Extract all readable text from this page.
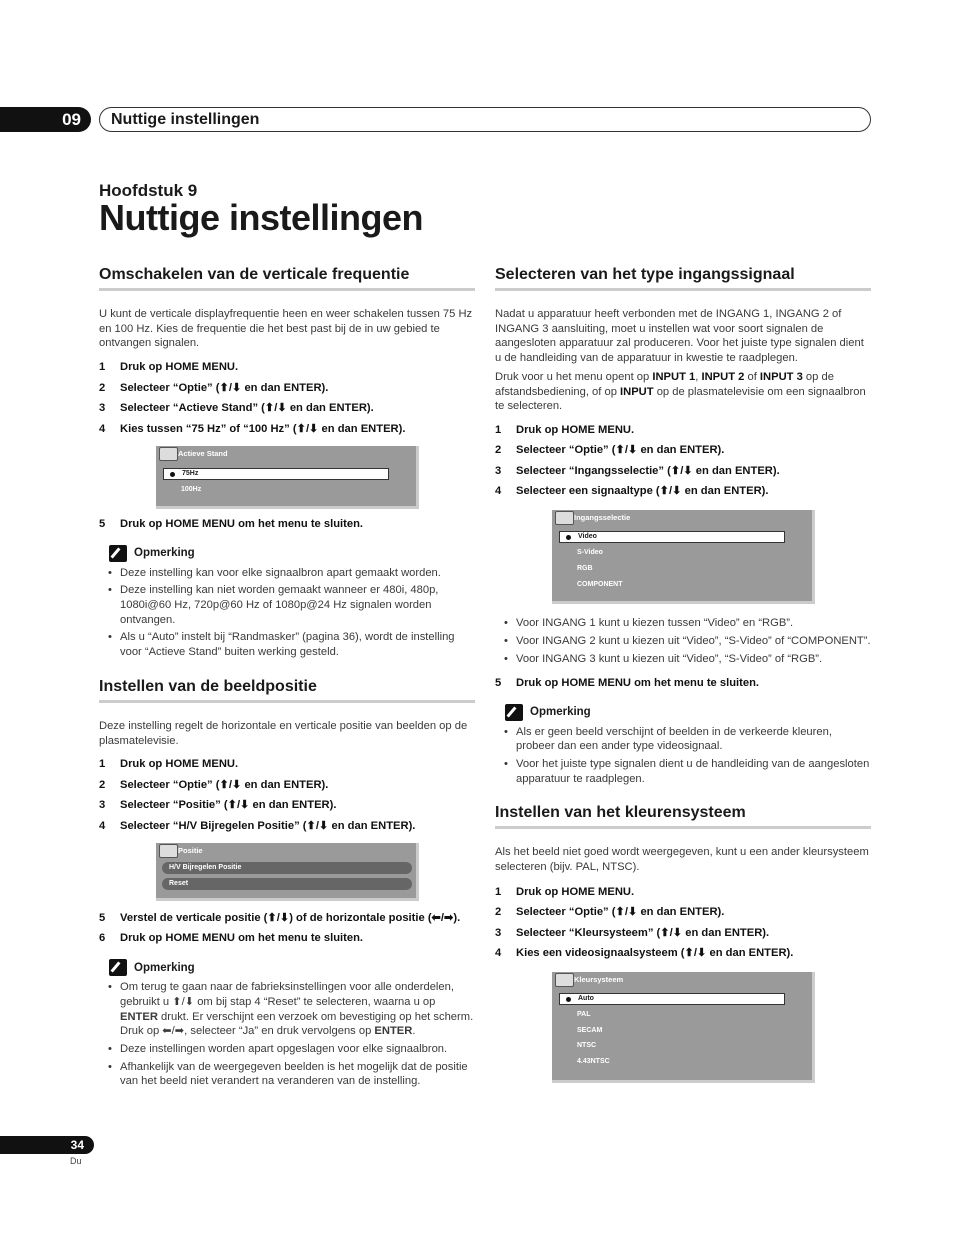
09	Nuttige instellingen
Hoofdstuk 9
Nuttige instellingen
Omschakelen van de verticale frequentie

U kunt de verticale displayfrequentie heen en weer schakelen tussen 75 Hz en 100 Hz. Kies de frequentie die het best past bij de in uw gebied te ontvangen signalen.

1	Druk op HOME MENU.
2	Selecteer “Optie” (⬆/⬇ en dan ENTER).
3	Selecteer “Actieve Stand” (⬆/⬇ en dan ENTER).
4	Kies tussen “75 Hz” of “100 Hz” (⬆/⬇ en dan ENTER).
Actieve Stand
75Hz
100Hz
5	Druk op HOME MENU om het menu te sluiten.
Opmerking
• Deze instelling kan voor elke signaalbron apart gemaakt worden.
• Deze instelling kan niet worden gemaakt wanneer er 480i, 480p, 1080i@60 Hz, 720p@60 Hz of 1080p@24 Hz signalen worden ontvangen.
• Als u “Auto” instelt bij “Randmasker” (pagina 36), wordt de instelling voor “Actieve Stand” buiten werking gesteld.
Instellen van de beeldpositie

Deze instelling regelt de horizontale en verticale positie van beelden op de plasmatelevisie.

1	Druk op HOME MENU.
2	Selecteer “Optie” (⬆/⬇ en dan ENTER).
3	Selecteer “Positie” (⬆/⬇ en dan ENTER).
4	Selecteer “H/V Bijregelen Positie” (⬆/⬇ en dan ENTER).
Positie
H/V Bijregelen Positie
Reset
5	Verstel de verticale positie (⬆/⬇) of de horizontale positie (⬅/➡).
6	Druk op HOME MENU om het menu te sluiten.
Opmerking
• Om terug te gaan naar de fabrieksinstellingen voor alle onderdelen, gebruikt u ⬆/⬇ om bij stap 4 “Reset” te selecteren, waarna u op ENTER drukt. Er verschijnt een verzoek om bevestiging op het scherm. Druk op ⬅/➡, selecteer “Ja” en druk vervolgens op ENTER.
• Deze instellingen worden apart opgeslagen voor elke signaalbron.
• Afhankelijk van de weergegeven beelden is het mogelijk dat de positie van het beeld niet verandert na veranderen van de instelling.
Selecteren van het type ingangssignaal

Nadat u apparatuur heeft verbonden met de INGANG 1, INGANG 2 of INGANG 3 aansluiting, moet u instellen wat voor soort signalen de aangesloten apparatuur zal produceren. Voor het juiste type signalen dient u de handleiding van de apparatuur in kwestie te raadplegen.

Druk voor u het menu opent op INPUT 1, INPUT 2 of INPUT 3 op de afstandsbediening, of op INPUT op de plasmatelevisie om een signaalbron te selecteren.

1	Druk op HOME MENU.
2	Selecteer “Optie” (⬆/⬇ en dan ENTER).
3	Selecteer “Ingangsselectie” (⬆/⬇ en dan ENTER).
4	Selecteer een signaaltype (⬆/⬇ en dan ENTER).
Ingangsselectie
Video
S-Video
RGB
COMPONENT
• Voor INGANG 1 kunt u kiezen tussen “Video” en “RGB”.
• Voor INGANG 2 kunt u kiezen uit “Video”, “S-Video” of “COMPONENT”.
• Voor INGANG 3 kunt u kiezen uit “Video”, “S-Video” of “RGB”.
5	Druk op HOME MENU om het menu te sluiten.
Opmerking
• Als er geen beeld verschijnt of beelden in de verkeerde kleuren, probeer dan een ander type videosignaal.
• Voor het juiste type signalen dient u de handleiding van de aangesloten apparatuur te raadplegen.
Instellen van het kleurensysteem

Als het beeld niet goed wordt weergegeven, kunt u een ander kleursysteem selecteren (bijv. PAL, NTSC).

1	Druk op HOME MENU.
2	Selecteer “Optie” (⬆/⬇ en dan ENTER).
3	Selecteer “Kleursysteem” (⬆/⬇ en dan ENTER).
4	Kies een videosignaalsysteem (⬆/⬇ en dan ENTER).
Kleursysteem
Auto
PAL
SECAM
NTSC
4.43NTSC
34
Du
